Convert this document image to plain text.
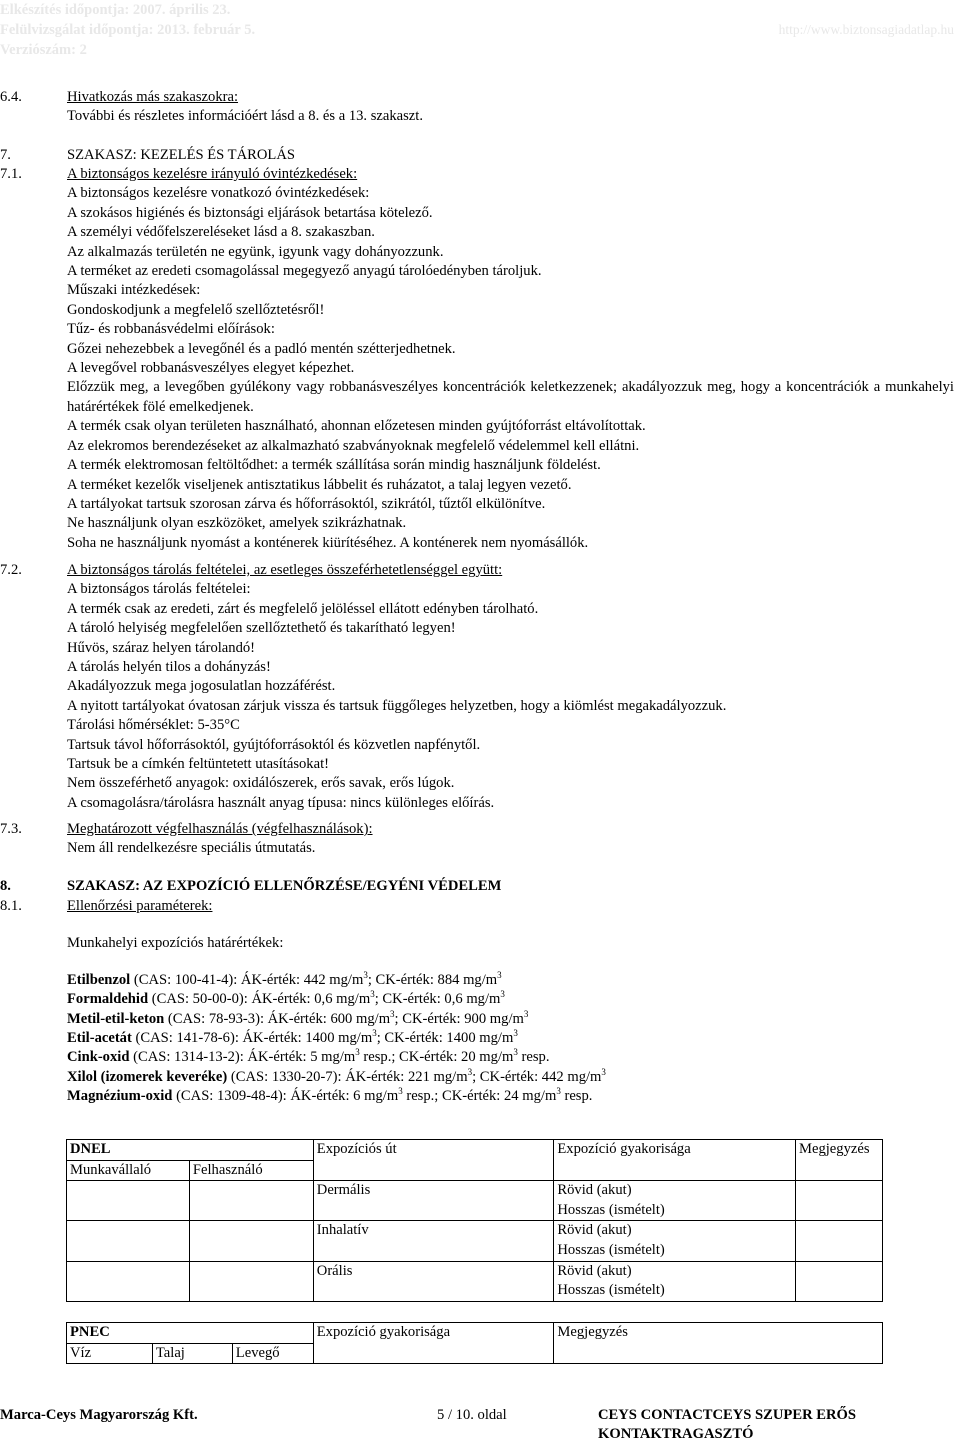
Elkészítés időpontja: 2007. április 23.
Felülvizsgálat időpontja: 2013. február 5.
Verziószám: 2
http://www.biztonsagiadatlap.hu
6.4.	Hivatkozás más szakaszokra:
További és részletes információért lásd a 8. és a 13. szakaszt.
7.	SZAKASZ: KEZELÉS ÉS TÁROLÁS
7.1.	A biztonságos kezelésre irányuló óvintézkedések:
A biztonságos kezelésre vonatkozó óvintézkedések:
A szokásos higiénés és biztonsági eljárások betartása kötelező.
A személyi védőfelszereléseket lásd a 8. szakaszban.
Az alkalmazás területén ne együnk, igyunk vagy dohányozzunk.
A terméket az eredeti csomagolással megegyező anyagú tárolóedényben tároljuk.
Műszaki intézkedések:
Gondoskodjunk a megfelelő szellőztetésről!
Tűz- és robbanásvédelmi előírások:
Gőzei nehezebbek a levegőnél és a padló mentén szétterjedhetnek.
A levegővel robbanásveszélyes elegyet képezhet.
Előzzük meg, a levegőben gyúlékony vagy robbanásveszélyes koncentrációk keletkezzenek; akadályozzuk meg, hogy a koncentrációk a munkahelyi határértékek fölé emelkedjenek.
A termék csak olyan területen használható, ahonnan előzetesen minden gyújtóforrást eltávolítottak.
Az elekromos berendezéseket az alkalmazható szabványoknak megfelelő védelemmel kell ellátni.
A termék elektromosan feltöltődhet: a termék szállítása során mindig használjunk földelést.
A terméket kezelők viseljenek antisztatikus lábbelit és ruházatot, a talaj legyen vezető.
A tartályokat tartsuk szorosan zárva és hőforrásoktól, szikrától, tűztől elkülönítve.
Ne használjunk olyan eszközöket, amelyek szikrázhatnak.
Soha ne használjunk nyomást a konténerek kiürítéséhez. A konténerek nem nyomásállók.
7.2.	A biztonságos tárolás feltételei, az esetleges összeférhetetlenséggel együtt:
A biztonságos tárolás feltételei:
A termék csak az eredeti, zárt és megfelelő jelöléssel ellátott edényben tárolható.
A tároló helyiség megfelelően szellőztethető és takarítható legyen!
Hűvös, száraz helyen tárolandó!
A tárolás helyén tilos a dohányzás!
Akadályozzuk mega jogosulatlan hozzáférést.
A nyitott tartályokat óvatosan zárjuk vissza és tartsuk függőleges helyzetben, hogy a kiömlést megakadályozzuk.
Tárolási hőmérséklet: 5-35°C
Tartsuk távol hőforrásoktól, gyújtóforrásoktól és közvetlen napfénytől.
Tartsuk be a címkén feltüntetett utasításokat!
Nem összeférhető anyagok: oxidálószerek, erős savak, erős lúgok.
A csomagolásra/tárolásra használt anyag típusa: nincs különleges előírás.
7.3.	Meghatározott végfelhasználás (végfelhasználások):
Nem áll rendelkezésre speciális útmutatás.
8.	SZAKASZ: AZ EXPOZÍCIÓ ELLENŐRZÉSE/EGYÉNI VÉDELEM
8.1.	Ellenőrzési paraméterek:
Munkahelyi expozíciós határértékek:
Etilbenzol (CAS: 100-41-4): ÁK-érték: 442 $mg/m^3$; CK-érték: 884 $mg/m^3$
Formaldehid (CAS: 50-00-0): ÁK-érték: 0,6 $mg/m^3$; CK-érték: 0,6 $mg/m^3$
Metil-etil-keton (CAS: 78-93-3): ÁK-érték: 600 $mg/m^3$; CK-érték: 900 $mg/m^3$
Etil-acetát (CAS: 141-78-6): ÁK-érték: 1400 $mg/m^3$; CK-érték: 1400 $mg/m^3$
Cink-oxid (CAS: 1314-13-2): ÁK-érték: 5 $mg/m^3$ resp.; CK-érték: 20 $mg/m^3$ resp.
Xilol (izomerek keveréke) (CAS: 1330-20-7): ÁK-érték: 221 $mg/m^3$; CK-érték: 442 $mg/m^3$
Magnézium-oxid (CAS: 1309-48-4): ÁK-érték: 6 $mg/m^3$ resp.; CK-érték: 24 $mg/m^3$ resp.
DNEL		Expozíciós út	Expozíció gyakorisága	Megjegyzés
Munkavállaló	Felhasználó			
		Dermális	Rövid (akut)
Hosszas (ismételt)	

		Inhalatív	Rövid (akut)
Hosszas (ismételt)	

		Orális	Rövid (akut)
Hosszas (ismételt)	

PNEC			Expozíció gyakorisága	Megjegyzés
Víz	Talaj	Levegő		
Marca-Ceys Magyarország Kft.	5 / 10. oldal	CEYS CONTACTCEYS SZUPER ERŐS
KONTAKTRAGASZTÓ
